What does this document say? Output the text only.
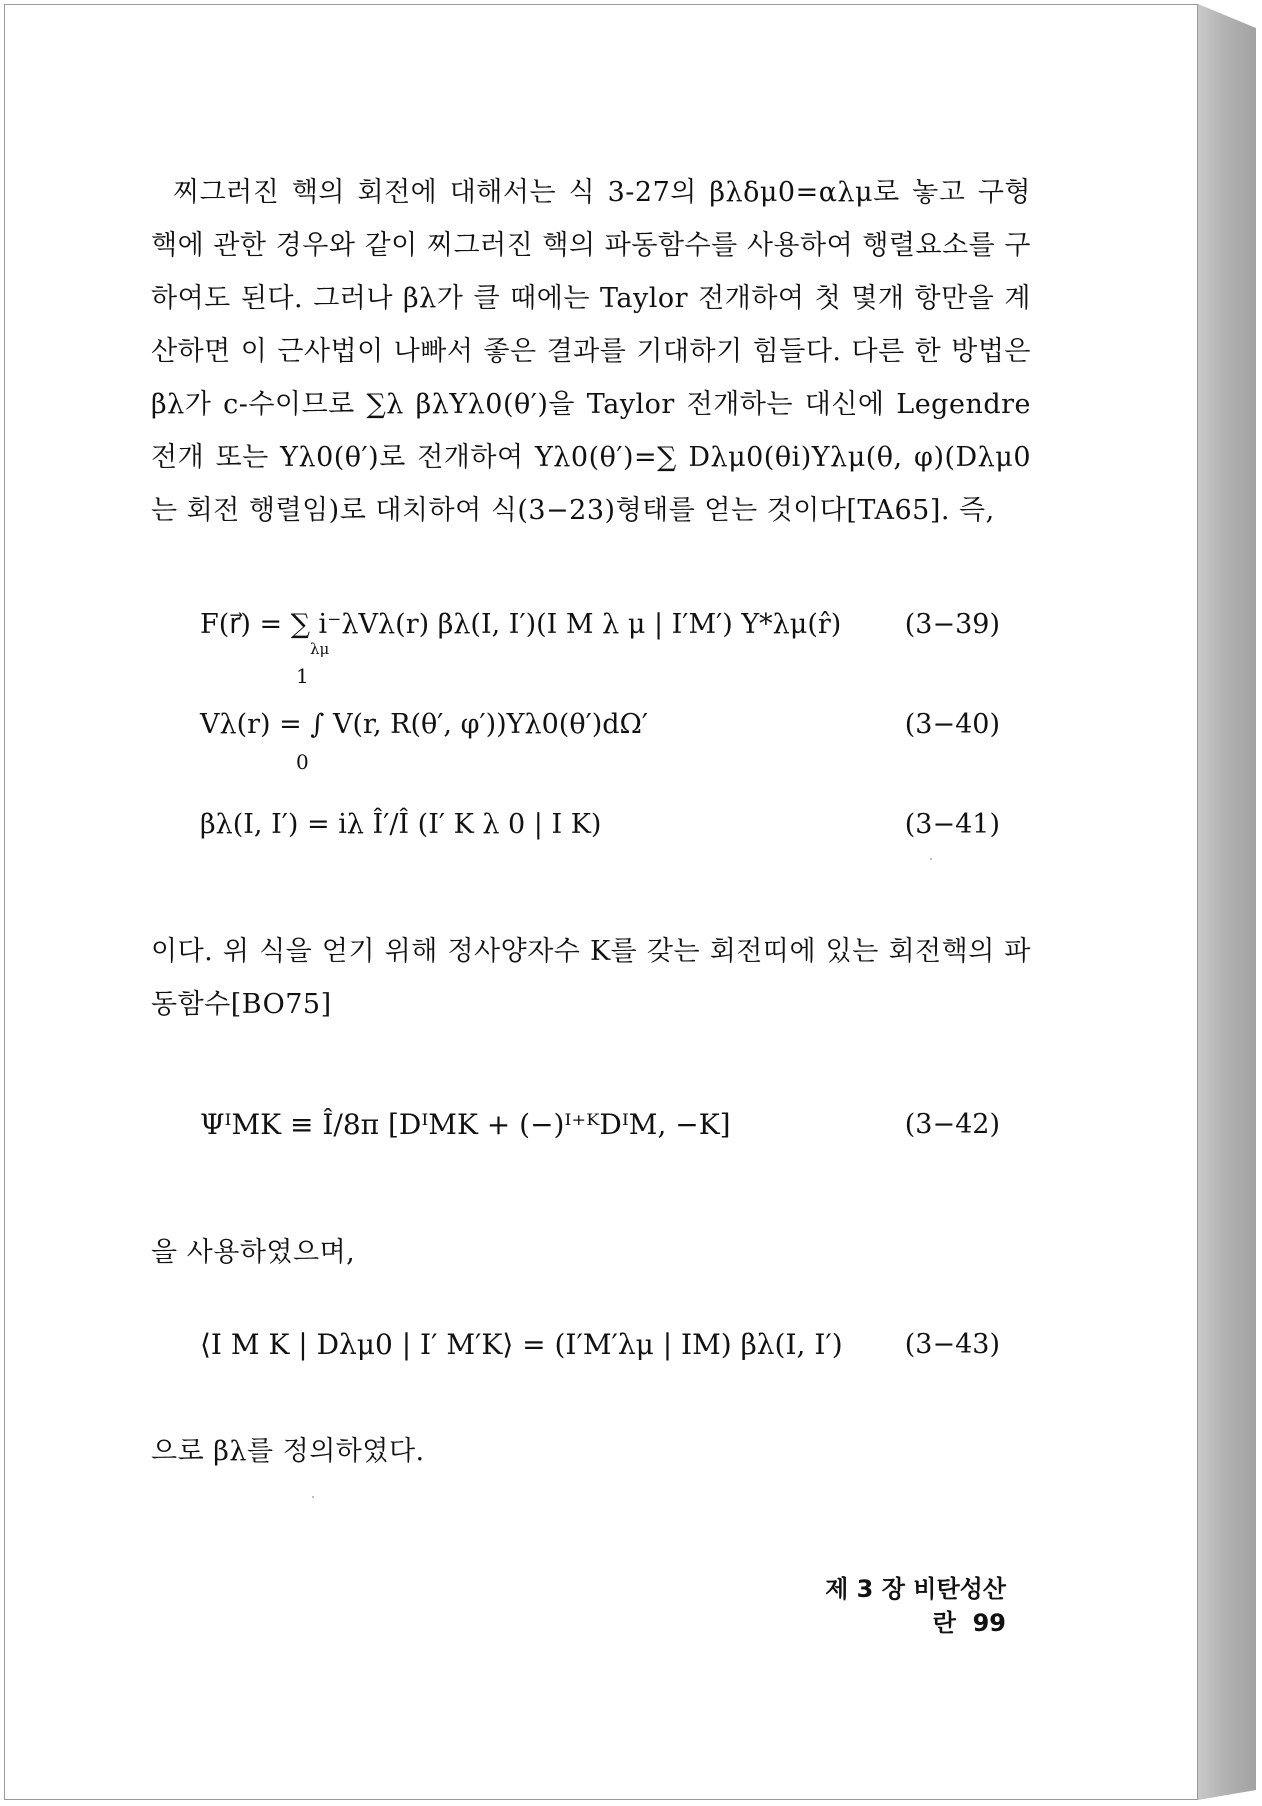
찌그러진 핵의 회전에 대해서는 식 3-27의 βλδμ0=αλμ로 놓고 구형 핵에 관한 경우와 같이 찌그러진 핵의 파동함수를 사용하여 행렬요소를 구하여도 된다. 그러나 βλ가 클 때에는 Taylor 전개하여 첫 몇개 항만을 계산하면 이 근사법이 나빠서 좋은 결과를 기대하기 힘들다. 다른 한 방법은 βλ가 c-수이므로 ∑λ βλYλ0(θ′)을 Taylor 전개하는 대신에 Legendre 전개 또는 Yλ0(θ′)로 전개하여 Yλ0(θ′)=∑ Dλμ0(θi)Yλμ(θ, φ)(Dλμ0는 회전 행렬임)로 대치하여 식(3−23)형태를 얻는 것이다[TA65]. 즉,
F(r⃗) = ∑ i⁻λVλ(r) βλ(I, I′)(I M λ μ | I′M′) Y*λμ(r̂)
λμ
(3−39)
Vλ(r) = ∫ V(r, R(θ′, φ′))Yλ0(θ′)dΩ′
1
0
(3−40)
βλ(I, I′) = iλ Î′/Î (I′ K λ 0 | I K)	(3−41)
이다. 위 식을 얻기 위해 정사양자수 K를 갖는 회전띠에 있는 회전핵의 파동함수[BO75]
ΨᴵMK ≡ Î/8π [DᴵMK + (−)ᴵ⁺ᴷDᴵM, −K]	(3−42)
을 사용하였으며,
⟨I M K | Dλμ0 | I′ M′K⟩ = (I′M′λμ | IM) βλ(I, I′) (3−43)
으로 βλ를 정의하였다.
제 3 장 비탄성산란 99
